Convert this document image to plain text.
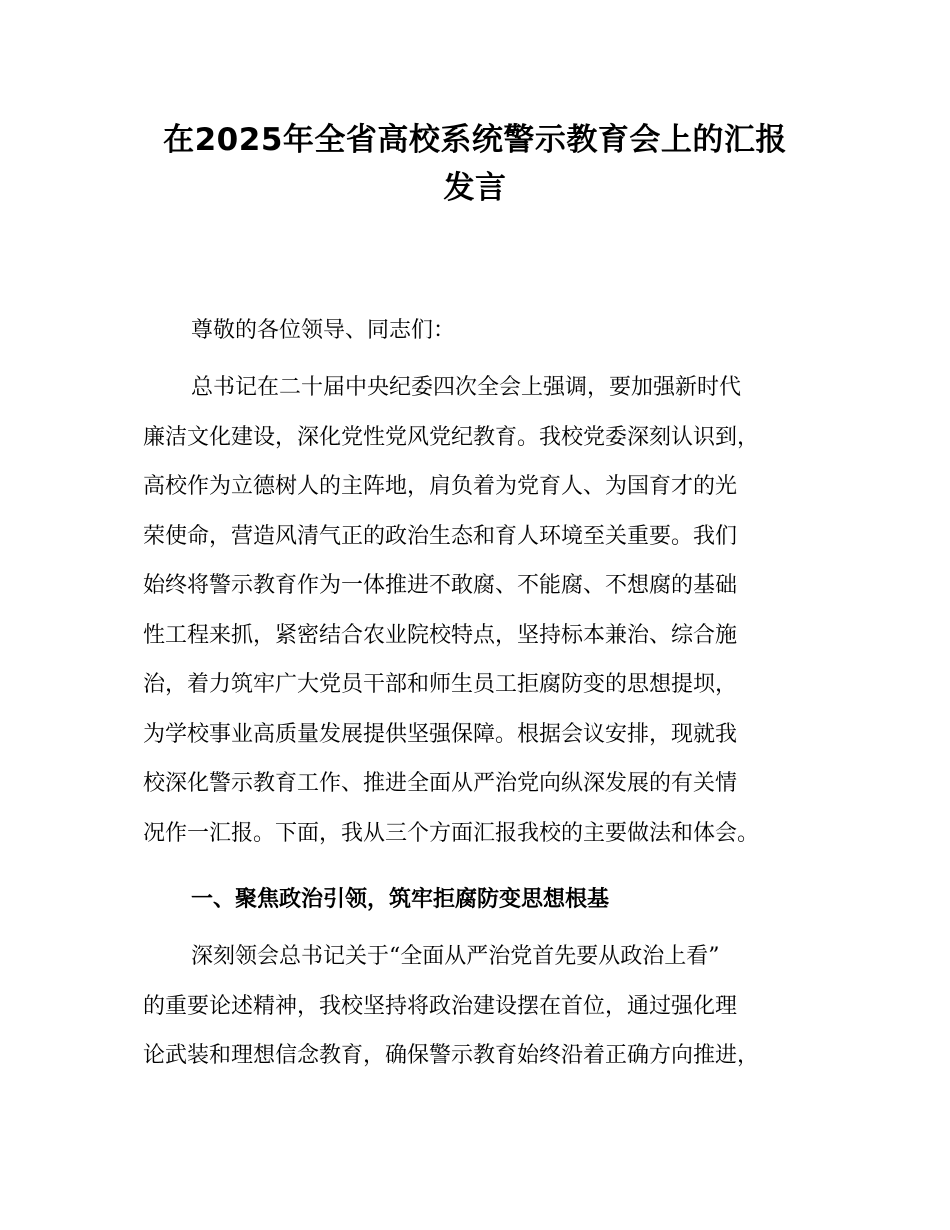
在2025年全省高校系统警示教育会上的汇报
发言

尊敬的各位领导、同志们：

总书记在二十届中央纪委四次全会上强调，要加强新时代
廉洁文化建设，深化党性党风党纪教育。我校党委深刻认识到，
高校作为立德树人的主阵地，肩负着为党育人、为国育才的光
荣使命，营造风清气正的政治生态和育人环境至关重要。我们
始终将警示教育作为一体推进不敢腐、不能腐、不想腐的基础
性工程来抓，紧密结合农业院校特点，坚持标本兼治、综合施
治，着力筑牢广大党员干部和师生员工拒腐防变的思想提坝，
为学校事业高质量发展提供坚强保障。根据会议安排，现就我
校深化警示教育工作、推进全面从严治党向纵深发展的有关情
况作一汇报。下面，我从三个方面汇报我校的主要做法和体会。

一、聚焦政治引领，筑牢拒腐防变思想根基

深刻领会总书记关于“全面从严治党首先要从政治上看”
的重要论述精神，我校坚持将政治建设摆在首位，通过强化理
论武装和理想信念教育，确保警示教育始终沿着正确方向推进，
